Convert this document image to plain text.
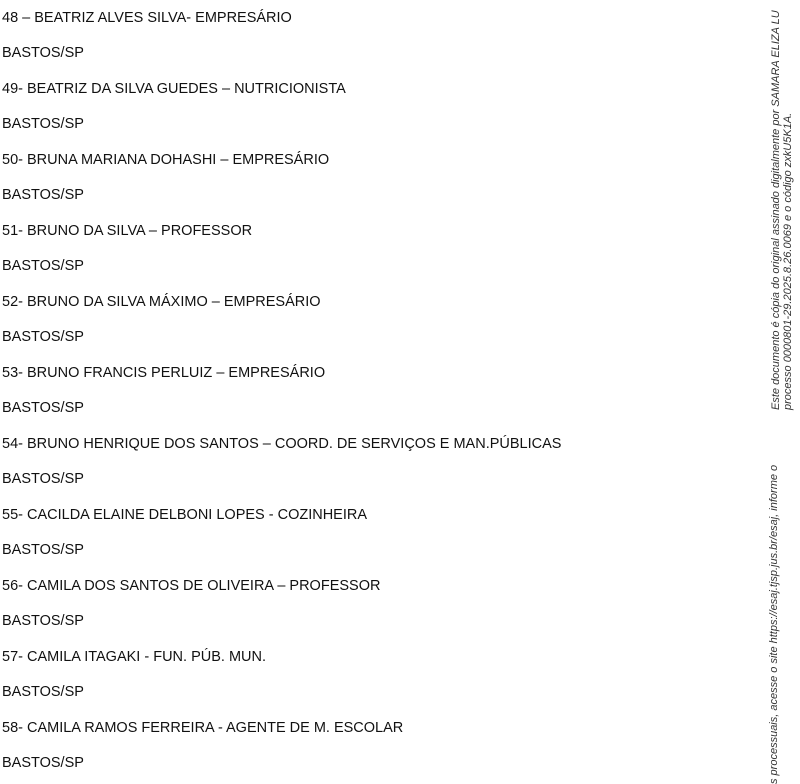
48 – BEATRIZ ALVES SILVA- EMPRESÁRIO
BASTOS/SP
49- BEATRIZ DA SILVA GUEDES – NUTRICIONISTA
BASTOS/SP
50- BRUNA MARIANA DOHASHI – EMPRESÁRIO
BASTOS/SP
51- BRUNO DA SILVA – PROFESSOR
BASTOS/SP
52- BRUNO DA SILVA MÁXIMO – EMPRESÁRIO
BASTOS/SP
53- BRUNO FRANCIS PERLUIZ – EMPRESÁRIO
BASTOS/SP
54- BRUNO HENRIQUE DOS SANTOS – COORD. DE SERVIÇOS E MAN.PÚBLICAS
BASTOS/SP
55- CACILDA ELAINE DELBONI LOPES - COZINHEIRA
BASTOS/SP
56- CAMILA DOS SANTOS DE OLIVEIRA – PROFESSOR
BASTOS/SP
57- CAMILA ITAGAKI - FUN. PÚB. MUN.
BASTOS/SP
58- CAMILA RAMOS FERREIRA - AGENTE DE M. ESCOLAR
BASTOS/SP
Este documento é cópia do original assinado digitalmente por SAMARA ELIZA LU processo 0000801-29.2025.8.26.0069 e o código zxkU5K1A.
s processuais, acesse o site https://esaj.tjsp.jus.br/esaj, informe o
